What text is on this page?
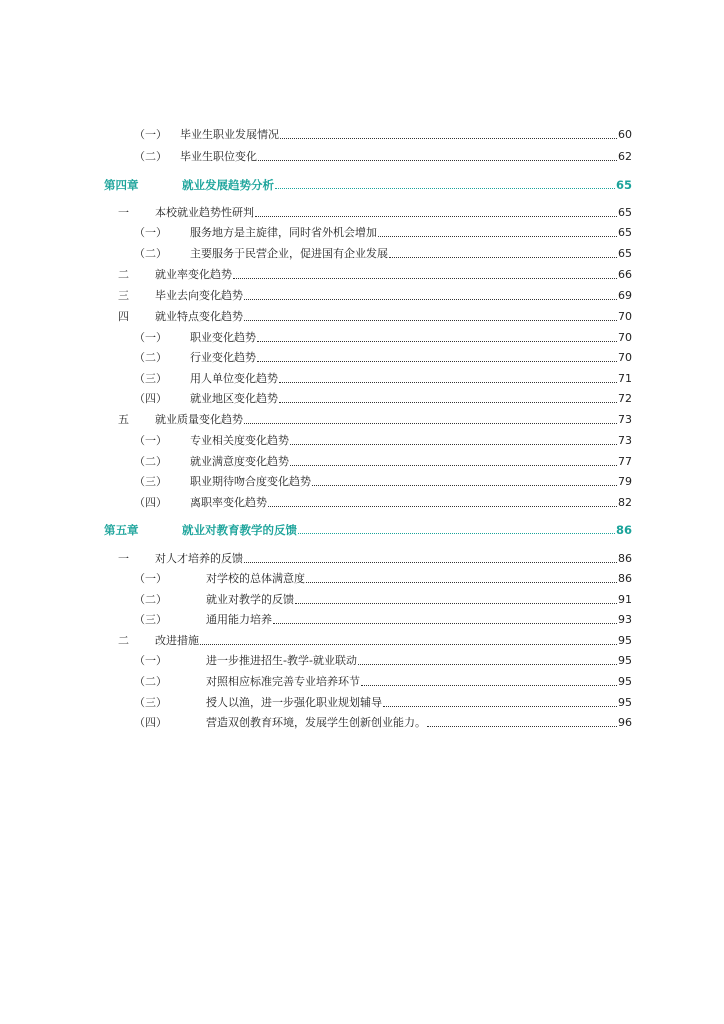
（一）	毕业生职业发展情况	60
（二）	毕业生职位变化	62
第四章	就业发展趋势分析	65
一	本校就业趋势性研判	65
（一）	服务地方是主旋律，同时省外机会增加	65
（二）	主要服务于民营企业，促进国有企业发展	65
二	就业率变化趋势	66
三	毕业去向变化趋势	69
四	就业特点变化趋势	70
（一）	职业变化趋势	70
（二）	行业变化趋势	70
（三）	用人单位变化趋势	71
（四）	就业地区变化趋势	72
五	就业质量变化趋势	73
（一）	专业相关度变化趋势	73
（二）	就业满意度变化趋势	77
（三）	职业期待吻合度变化趋势	79
（四）	离职率变化趋势	82
第五章	就业对教育教学的反馈	86
一	对人才培养的反馈	86
（一）	对学校的总体满意度	86
（二）	就业对教学的反馈	91
（三）	通用能力培养	93
二	改进措施	95
（一）	进一步推进招生-教学-就业联动	95
（二）	对照相应标准完善专业培养环节	95
（三）	授人以渔，进一步强化职业规划辅导	95
（四）	营造双创教育环境，发展学生创新创业能力。	96
